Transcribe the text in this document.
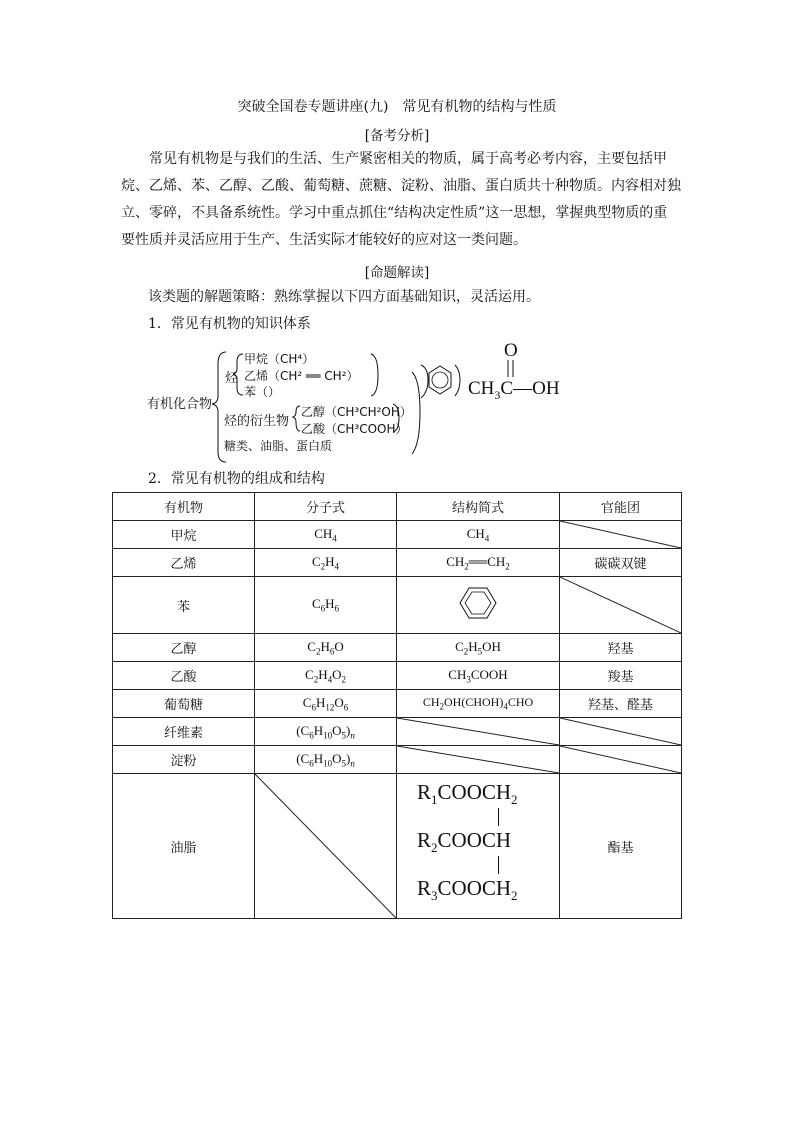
突破全国卷专题讲座(九)　常见有机物的结构与性质
[备考分析]
常见有机物是与我们的生活、生产紧密相关的物质，属于高考必考内容，主要包括甲烷、乙烯、苯、乙醇、乙酸、葡萄糖、蔗糖、淀粉、油脂、蛋白质共十种物质。内容相对独立、零碎，不具备系统性。学习中重点抓住“结构决定性质”这一思想，掌握典型物质的重要性质并灵活应用于生产、生活实际才能较好的应对这一类问题。
[命题解读]
该类题的解题策略：熟练掌握以下四方面基础知识，灵活运用。
1．常见有机物的知识体系
有机化合物
烃
甲烷（CH⁴）
乙烯（CH² ══ CH²）
苯（）
烃的衍生物
乙醇（CH³CH²OH）
乙酸（CH³COOH）
糖类、油脂、蛋白质
O
$CH_3C—OH$
2．常见有机物的组成和结构
有机物	分子式	结构简式	官能团
甲烷	$CH_4$	$CH_4$	

乙烯	$C_2H_4$	$CH_2══CH_2$	碳碳双键
苯	$C_6H_6$		

乙醇	$C_2H_6O$	$C_2H_5OH$	羟基
乙酸	$C_2H_4O_2$	$CH_3COOH$	羧基
葡萄糖	$C_6H_{12}O_6$	$CH_2OH(CHOH)_4CHO$	羟基、醛基
纤维素	$(C_6H_{10}O_5)_n$	

淀粉	$(C_6H_{10}O_5)_n$	

油脂		$R_1COOCH_2$
$R_2COOCH$
$R_3COOCH_2$	酯基
